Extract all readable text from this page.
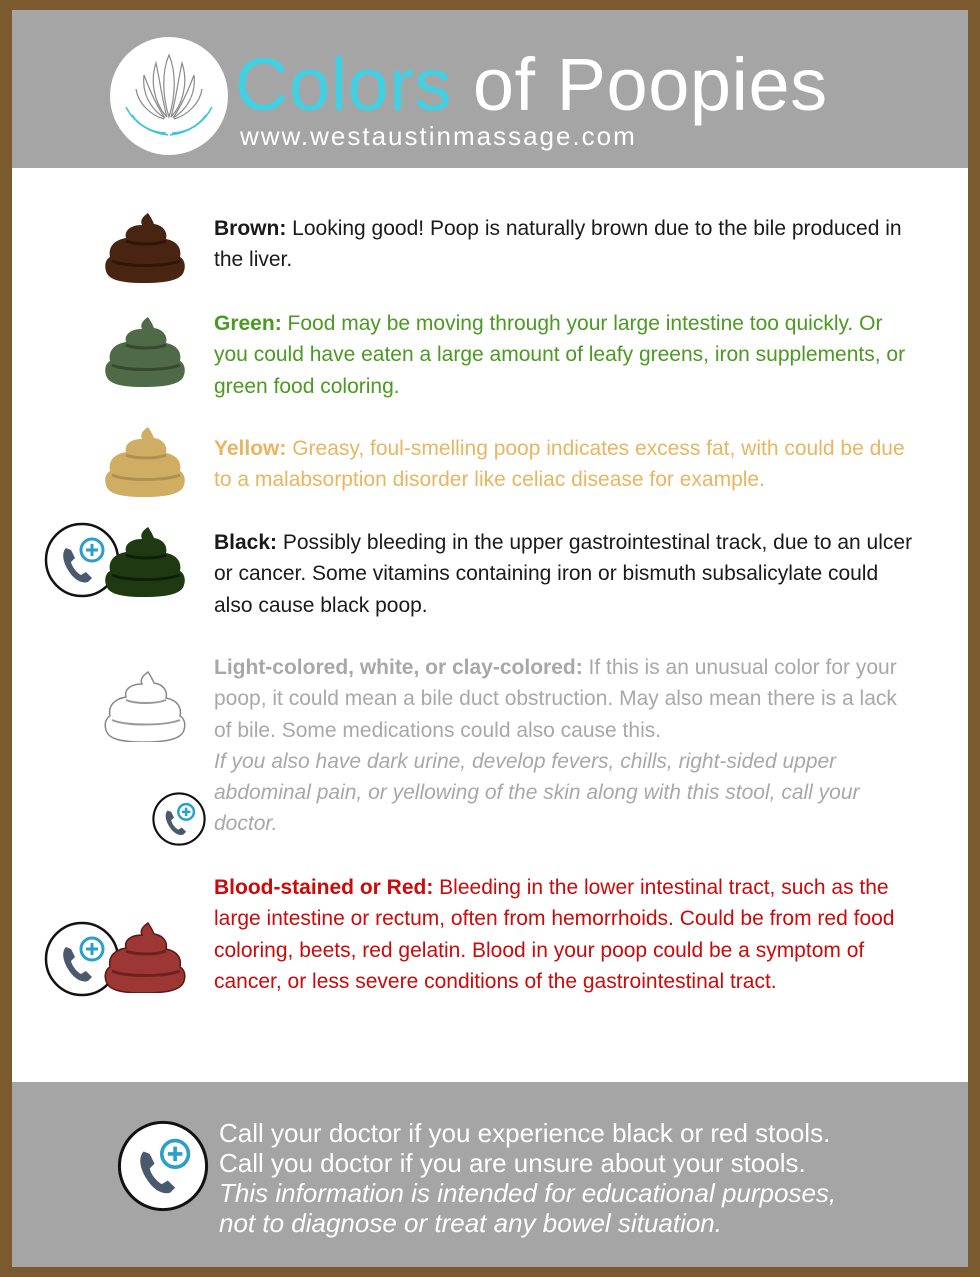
Colors of Poopies
www.westaustinmassage.com
Brown: Looking good! Poop is naturally brown due to the bile produced in the liver.
Green: Food may be moving through your large intestine too quickly. Or you could have eaten a large amount of leafy greens, iron supplements, or green food coloring.
Yellow: Greasy, foul-smelling poop indicates excess fat, with could be due to a malabsorption disorder like celiac disease for example.
Black: Possibly bleeding in the upper gastrointestinal track, due to an ulcer or cancer. Some vitamins containing iron or bismuth subsalicylate could also cause black poop.
Light-colored, white, or clay-colored: If this is an unusual color for your poop, it could mean a bile duct obstruction. May also mean there is a lack of bile. Some medications could also cause this.
If you also have dark urine, develop fevers, chills, right-sided upper abdominal pain, or yellowing of the skin along with this stool, call your doctor.
Blood-stained or Red: Bleeding in the lower intestinal tract, such as the large intestine or rectum, often from hemorrhoids. Could be from red food coloring, beets, red gelatin. Blood in your poop could be a symptom of cancer, or less severe conditions of the gastrointestinal tract.
Call your doctor if you experience black or red stools.
Call you doctor if you are unsure about your stools.
This information is intended for educational purposes,
not to diagnose or treat any bowel situation.
